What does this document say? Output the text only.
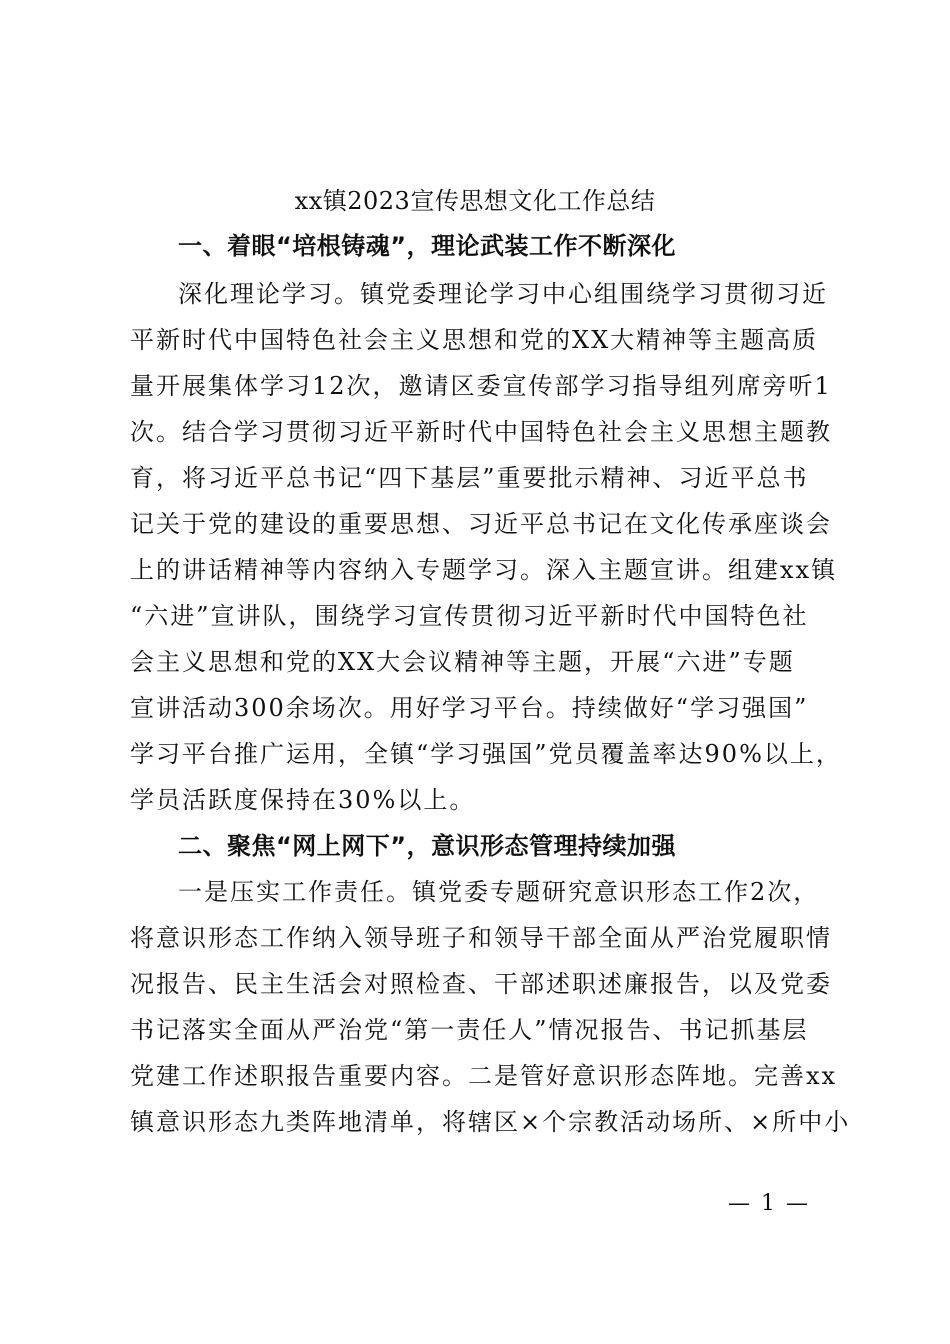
xx镇2023宣传思想文化工作总结
一、着眼“培根铸魂”，理论武装工作不断深化
深化理论学习。镇党委理论学习中心组围绕学习贯彻习近
平新时代中国特色社会主义思想和党的XX大精神等主题高质
量开展集体学习12次，邀请区委宣传部学习指导组列席旁听1
次。结合学习贯彻习近平新时代中国特色社会主义思想主题教
育，将习近平总书记“四下基层”重要批示精神、习近平总书
记关于党的建设的重要思想、习近平总书记在文化传承座谈会
上的讲话精神等内容纳入专题学习。深入主题宣讲。组建xx镇
“六进”宣讲队，围绕学习宣传贯彻习近平新时代中国特色社
会主义思想和党的XX大会议精神等主题，开展“六进”专题
宣讲活动300余场次。用好学习平台。持续做好“学习强国”
学习平台推广运用，全镇“学习强国”党员覆盖率达90%以上，
学员活跃度保持在30%以上。
二、聚焦“网上网下”，意识形态管理持续加强
一是压实工作责任。镇党委专题研究意识形态工作2次，
将意识形态工作纳入领导班子和领导干部全面从严治党履职情
况报告、民主生活会对照检查、干部述职述廉报告，以及党委
书记落实全面从严治党“第一责任人”情况报告、书记抓基层
党建工作述职报告重要内容。二是管好意识形态阵地。完善xx
镇意识形态九类阵地清单，将辖区×个宗教活动场所、×所中小
— 1 —
